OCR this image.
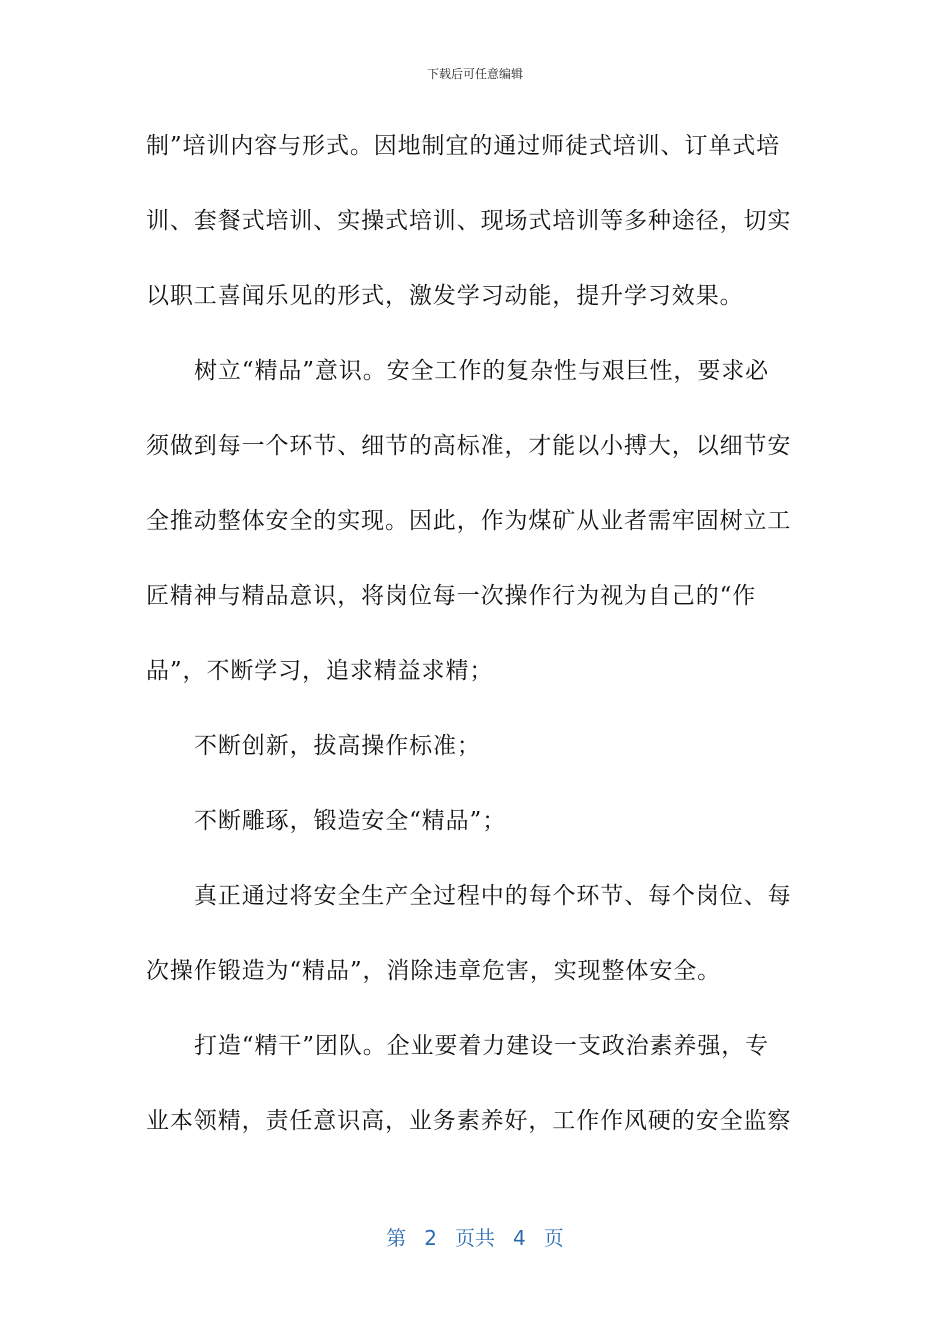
下载后可任意编辑
制”培训内容与形式。因地制宜的通过师徒式培训、订单式培
训、套餐式培训、实操式培训、现场式培训等多种途径，切实
以职工喜闻乐见的形式，激发学习动能，提升学习效果。
树立“精品”意识。安全工作的复杂性与艰巨性，要求必
须做到每一个环节、细节的高标准，才能以小搏大，以细节安
全推动整体安全的实现。因此，作为煤矿从业者需牢固树立工
匠精神与精品意识，将岗位每一次操作行为视为自己的“作
品”，不断学习，追求精益求精；
不断创新，拔高操作标准；
不断雕琢，锻造安全“精品”；
真正通过将安全生产全过程中的每个环节、每个岗位、每
次操作锻造为“精品”，消除违章危害，实现整体安全。
打造“精干”团队。企业要着力建设一支政治素养强，专
业本领精，责任意识高，业务素养好，工作作风硬的安全监察
第 2 页共 4 页
